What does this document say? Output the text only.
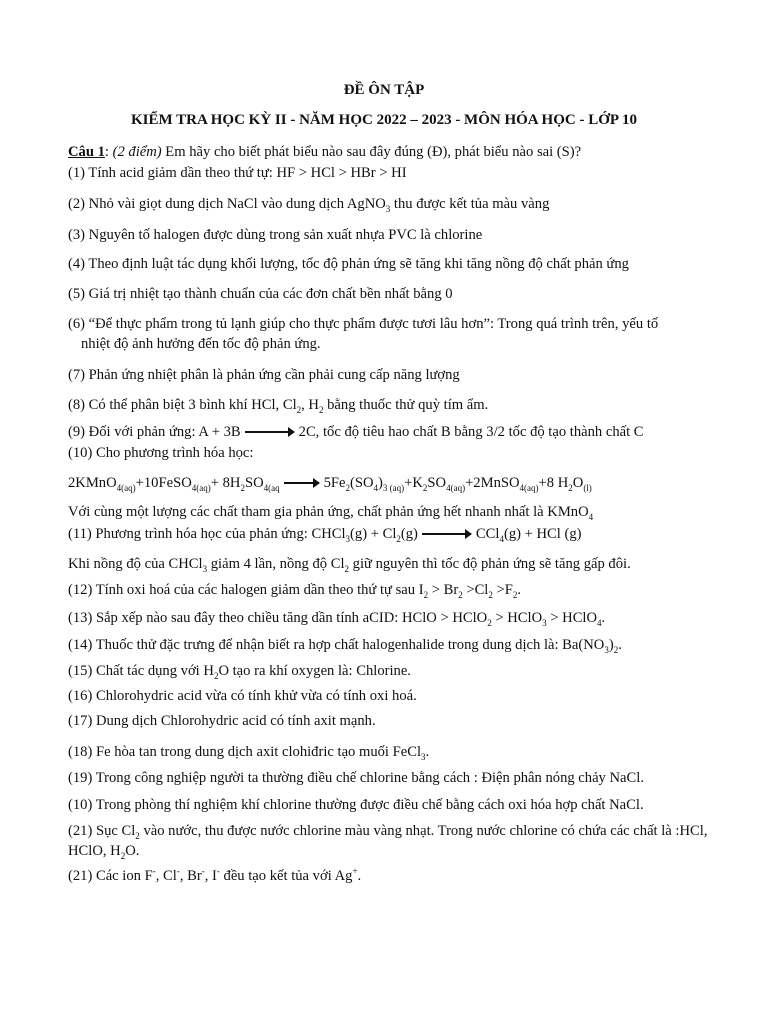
ĐỀ ÔN TẬP
KIỂM TRA HỌC KỲ II - NĂM HỌC 2022 – 2023 - MÔN HÓA HỌC - LỚP 10
Câu 1: (2 điểm) Em hãy cho biết phát biểu nào sau đây đúng (Đ), phát biểu nào sai (S)?
(1) Tính acid giảm dần theo thứ tự: HF > HCl > HBr > HI
(2) Nhỏ vài giọt dung dịch NaCl vào dung dịch AgNO$_3$ thu được kết tủa màu vàng
(3) Nguyên tố halogen được dùng trong sản xuất nhựa PVC là chlorine
(4) Theo định luật tác dụng khối lượng, tốc độ phản ứng sẽ tăng khi tăng nồng độ chất phản ứng
(5) Giá trị nhiệt tạo thành chuẩn của các đơn chất bền nhất bằng 0
(6) “Để thực phẩm trong tủ lạnh giúp cho thực phẩm được tươi lâu hơn”: Trong quá trình trên, yếu tố
nhiệt độ ảnh hưởng đến tốc độ phản ứng.
(7) Phản ứng nhiệt phân là phản ứng cần phải cung cấp năng lượng
(8) Có thể phân biệt 3 bình khí HCl, $Cl_2$, $H_2$ bằng thuốc thử quỳ tím ẩm.
(9) Đối với phản ứng: A + 3B → 2C, tốc độ tiêu hao chất B bằng 3/2 tốc độ tạo thành chất C
(10) Cho phương trình hóa học:
2KMnO$_{4(aq)}$+10FeSO$_{4(aq)}$+ $8H_2SO_{4(aq}$ → $5Fe_2(SO_4)_{3 (aq)}+K_2SO_{4(aq)}+2MnSO_{4(aq)}+8$ $H_2O_{(l)}$
Với cùng một lượng các chất tham gia phản ứng, chất phản ứng hết nhanh nhất là KMnO$_4$
(11) Phương trình hóa học của phản ứng: CHCl$_3$(g) + $Cl_2(g) \to CCl_4(g)$ + HCl (g)
Khi nồng độ của CHCl$_3$ giảm 4 lần, nồng độ $Cl_2$ giữ nguyên thì tốc độ phản ứng sẽ tăng gấp đôi.
(12) Tính oxi hoá của các halogen giảm dần theo thứ tự sau $I_2 > Br_2 >Cl_2 >F_2$.
(13) Sắp xếp nào sau đây theo chiều tăng dần tính aCID: HClO > HClO$_2$ > HClO$_3$ > HClO$_4$.
(14) Thuốc thử đặc trưng để nhận biết ra hợp chất halogenhalide trong dung dịch là: $Ba(NO_3)_2$.
(15) Chất tác dụng với $H_2O$ tạo ra khí oxygen là: Chlorine.
(16) Chlorohydric acid vừa có tính khử vừa có tính oxi hoá.
(17) Dung dịch Chlorohydric acid có tính axit mạnh.
(18) Fe hòa tan trong dung dịch axit clohiđric tạo muối FeCl$_3$.
(19) Trong công nghiệp người ta thường điều chế chlorine bằng cách : Điện phân nóng chảy NaCl.
(10) Trong phòng thí nghiệm khí chlorine thường được điều chế bằng cách oxi hóa hợp chất NaCl.
(21) Sục $Cl_2$ vào nước, thu được nước chlorine màu vàng nhạt. Trong nước chlorine có chứa các chất là :HCl, HClO, $H_2O$.
(21) Các ion F-, Cl-, Br-, I- đều tạo kết tủa với Ag+.
